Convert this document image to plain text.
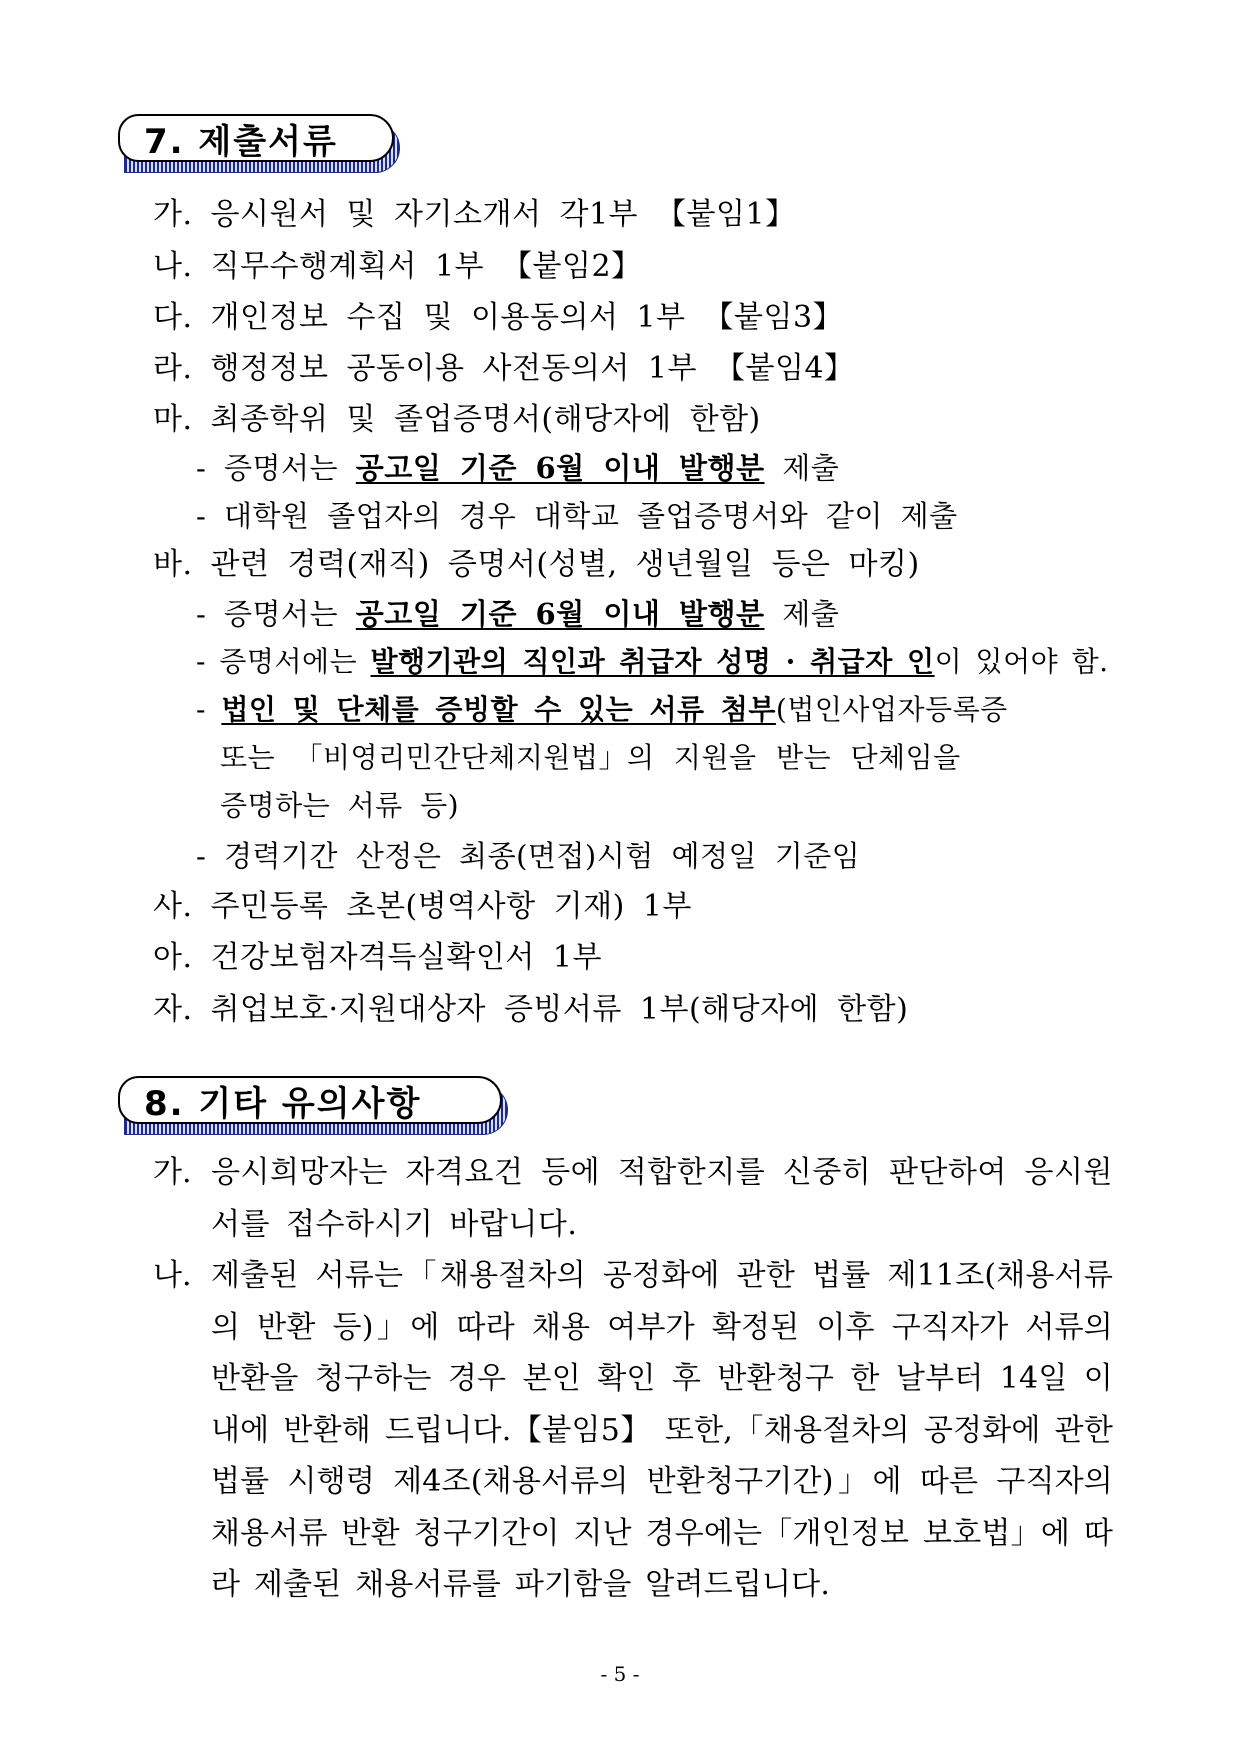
7. 제출서류
가. 응시원서 및 자기소개서 각1부 【붙임1】
나. 직무수행계획서 1부 【붙임2】
다. 개인정보 수집 및 이용동의서 1부 【붙임3】
라. 행정정보 공동이용 사전동의서 1부 【붙임4】
마. 최종학위 및 졸업증명서(해당자에 한함)
- 증명서는 공고일 기준 6월 이내 발행분 제출
- 대학원 졸업자의 경우 대학교 졸업증명서와 같이 제출
바. 관련 경력(재직) 증명서(성별, 생년월일 등은 마킹)
- 증명서는 공고일 기준 6월 이내 발행분 제출
- 증명서에는 발행기관의 직인과 취급자 성명 · 취급자 인이 있어야 함.
- 법인 및 단체를 증빙할 수 있는 서류 첨부(법인사업자등록증
또는 「비영리민간단체지원법」의 지원을 받는 단체임을
증명하는 서류 등)
- 경력기간 산정은 최종(면접)시험 예정일 기준임
사. 주민등록 초본(병역사항 기재) 1부
아. 건강보험자격득실확인서 1부
자. 취업보호·지원대상자 증빙서류 1부(해당자에 한함)
8. 기타 유의사항
가. 응시희망자는 자격요건 등에 적합한지를 신중히 판단하여 응시원서를 접수하시기 바랍니다.
나. 제출된 서류는「채용절차의 공정화에 관한 법률 제11조(채용서류의 반환 등)」에 따라 채용 여부가 확정된 이후 구직자가 서류의 반환을 청구하는 경우 본인 확인 후 반환청구 한 날부터 14일 이내에 반환해 드립니다.【붙임5】 또한,「채용절차의 공정화에 관한 법률 시행령 제4조(채용서류의 반환청구기간)」에 따른 구직자의 채용서류 반환 청구기간이 지난 경우에는「개인정보 보호법」에 따라 제출된 채용서류를 파기함을 알려드립니다.
- 5 -
